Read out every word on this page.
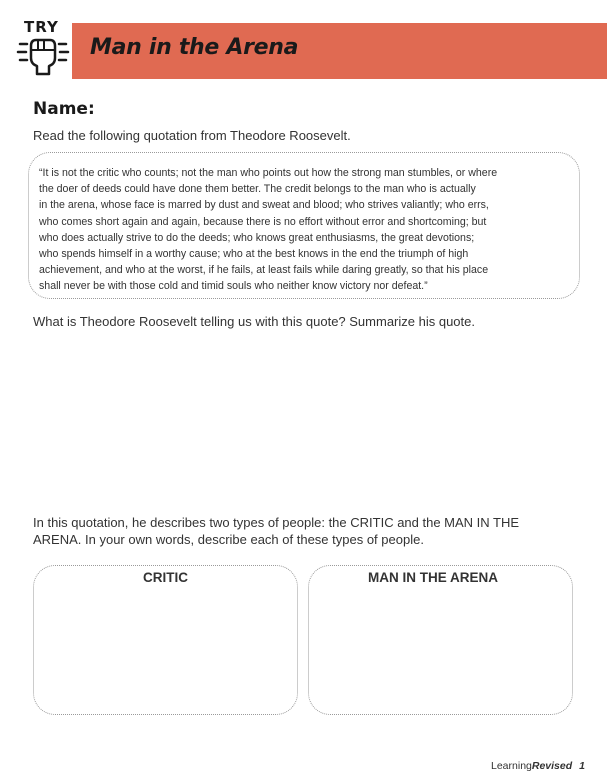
TRY
Man in the Arena
Name:
Read the following quotation from Theodore Roosevelt.
“It is not the critic who counts; not the man who points out how the strong man stumbles, or where
the doer of deeds could have done them better. The credit belongs to the man who is actually
in the arena, whose face is marred by dust and sweat and blood; who strives valiantly; who errs,
who comes short again and again, because there is no effort without error and shortcoming; but
who does actually strive to do the deeds; who knows great enthusiasms, the great devotions;
who spends himself in a worthy cause; who at the best knows in the end the triumph of high
achievement, and who at the worst, if he fails, at least fails while daring greatly, so that his place
shall never be with those cold and timid souls who neither know victory nor defeat.”
What is Theodore Roosevelt telling us with this quote? Summarize his quote.
In this quotation, he describes two types of people: the CRITIC and the MAN IN THE
ARENA. In your own words, describe each of these types of people.
CRITIC	MAN IN THE ARENA
LearningRevised 1
